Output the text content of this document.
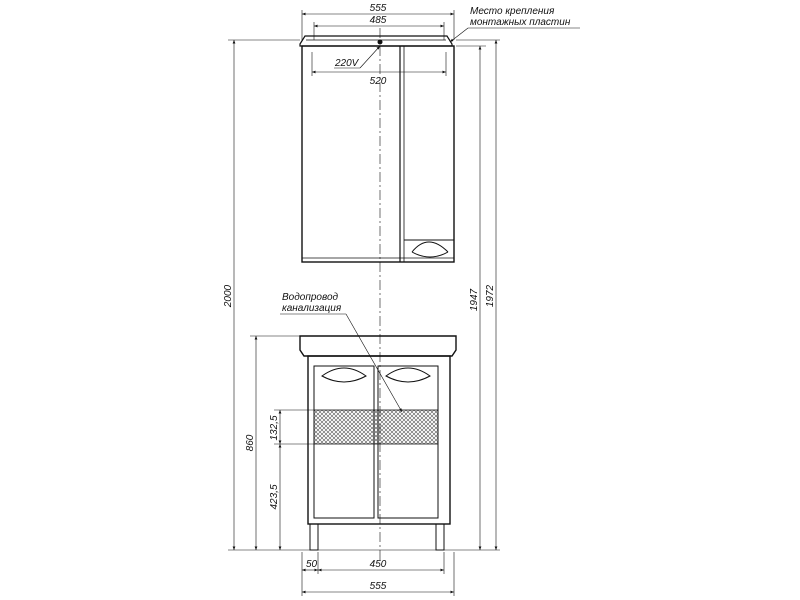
555
485
520
220V
Место крепления
монтажных пластин
Водопровод
канализация
2000
860
132,5
423,5
1947 1972
50	450
555
